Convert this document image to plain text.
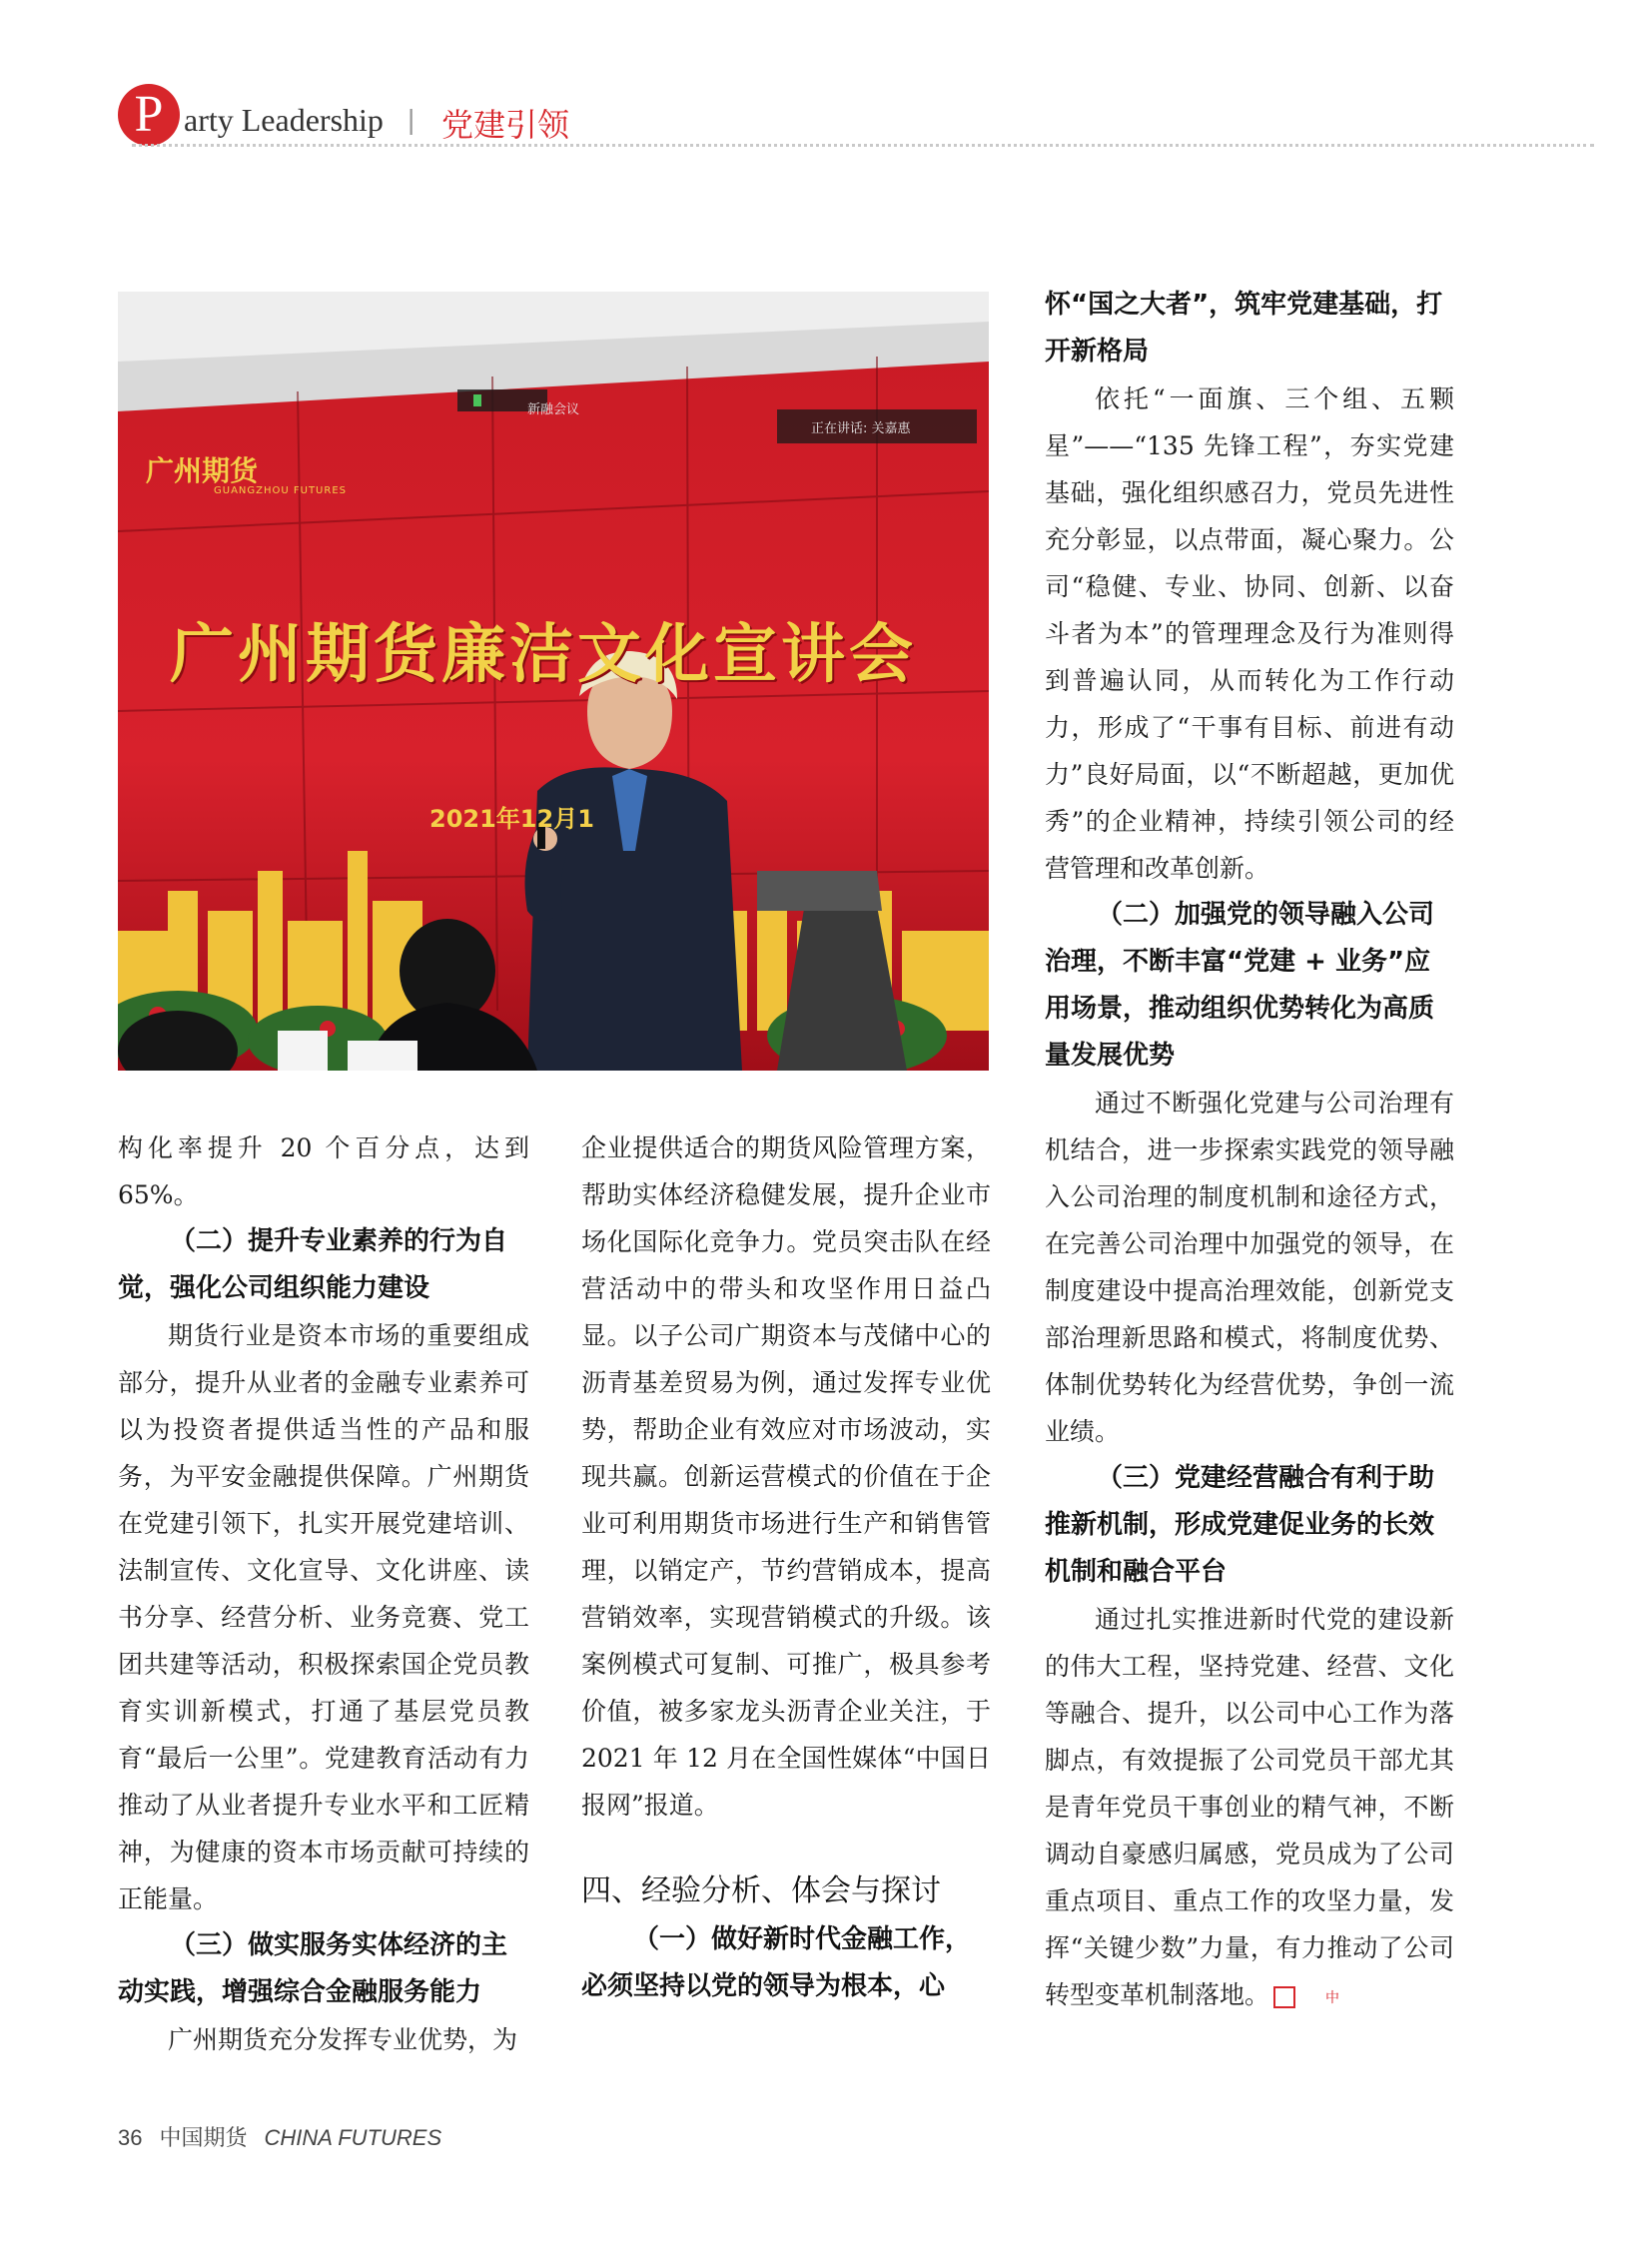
P arty Leadership | 党建引领
新融会议
正在讲话: 关嘉惠
广州期货
GUANGZHOU FUTURES
广州期货廉洁文化宣讲会
2021年12月1

构化率提升 20 个百分点，达到 65%。

（二）提升专业素养的行为自觉，强化公司组织能力建设

期货行业是资本市场的重要组成部分，提升从业者的金融专业素养可以为投资者提供适当性的产品和服务，为平安金融提供保障。广州期货在党建引领下，扎实开展党建培训、法制宣传、文化宣导、文化讲座、读书分享、经营分析、业务竞赛、党工团共建等活动，积极探索国企党员教育实训新模式，打通了基层党员教育“最后一公里”。党建教育活动有力推动了从业者提升专业水平和工匠精神，为健康的资本市场贡献可持续的正能量。

（三）做实服务实体经济的主动实践，增强综合金融服务能力

广州期货充分发挥专业优势，为

企业提供适合的期货风险管理方案，帮助实体经济稳健发展，提升企业市场化国际化竞争力。党员突击队在经营活动中的带头和攻坚作用日益凸显。以子公司广期资本与茂储中心的沥青基差贸易为例，通过发挥专业优势，帮助企业有效应对市场波动，实现共赢。创新运营模式的价值在于企业可利用期货市场进行生产和销售管理，以销定产，节约营销成本，提高营销效率，实现营销模式的升级。该案例模式可复制、可推广，极具参考价值，被多家龙头沥青企业关注，于 2021 年 12 月在全国性媒体“中国日报网”报道。

四、经验分析、体会与探讨
（一）做好新时代金融工作，必须坚持以党的领导为根本，心
怀“国之大者”，筑牢党建基础，打开新格局

依托“一面旗、三个组、五颗星”——“135 先锋工程”，夯实党建基础，强化组织感召力，党员先进性充分彰显，以点带面，凝心聚力。公司“稳健、专业、协同、创新、以奋斗者为本”的管理理念及行为准则得到普遍认同，从而转化为工作行动力，形成了“干事有目标、前进有动力”良好局面，以“不断超越，更加优秀”的企业精神，持续引领公司的经营管理和改革创新。

（二）加强党的领导融入公司治理，不断丰富“党建 + 业务”应用场景，推动组织优势转化为高质量发展优势

通过不断强化党建与公司治理有机结合，进一步探索实践党的领导融入公司治理的制度机制和途径方式，在完善公司治理中加强党的领导，在制度建设中提高治理效能，创新党支部治理新思路和模式，将制度优势、体制优势转化为经营优势，争创一流业绩。

（三）党建经营融合有利于助推新机制，形成党建促业务的长效机制和融合平台

通过扎实推进新时代党的建设新的伟大工程，坚持党建、经营、文化等融合、提升，以公司中心工作为落脚点，有效提振了公司党员干部尤其是青年党员干事创业的精气神，不断调动自豪感归属感，党员成为了公司重点项目、重点工作的攻坚力量，发挥“关键少数”力量，有力推动了公司转型变革机制落地。	中

36 中国期货 CHINA FUTURES
